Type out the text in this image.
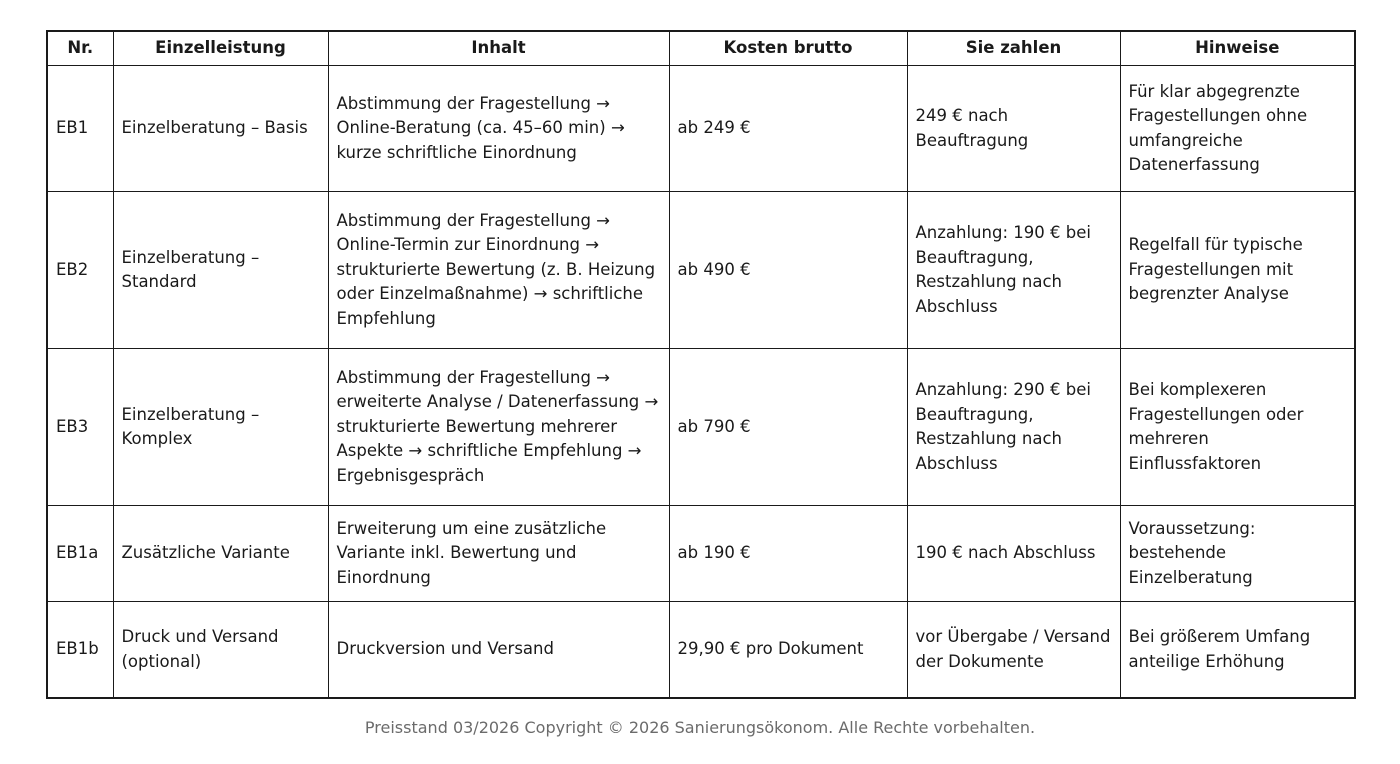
Nr.	Einzelleistung	Inhalt	Kosten brutto	Sie zahlen	Hinweise
EB1	Einzelberatung – Basis	Abstimmung der Fragestellung → Online-Beratung (ca. 45–60 min) → kurze schriftliche Einordnung	ab 249 €	249 € nach Beauftragung	Für klar abgegrenzte Fragestellungen ohne umfangreiche Datenerfassung
EB2	Einzelberatung – Standard	Abstimmung der Fragestellung → Online-Termin zur Einordnung → strukturierte Bewertung (z. B. Heizung oder Einzelmaßnahme) → schriftliche Empfehlung	ab 490 €	Anzahlung: 190 € bei Beauftragung, Restzahlung nach Abschluss	Regelfall für typische Fragestellungen mit begrenzter Analyse
EB3	Einzelberatung – Komplex	Abstimmung der Fragestellung → erweiterte Analyse / Datenerfassung → strukturierte Bewertung mehrerer Aspekte → schriftliche Empfehlung → Ergebnisgespräch	ab 790 €	Anzahlung: 290 € bei Beauftragung, Restzahlung nach Abschluss	Bei komplexeren Fragestellungen oder mehreren Einflussfaktoren
EB1a	Zusätzliche Variante	Erweiterung um eine zusätzliche Variante inkl. Bewertung und Einordnung	ab 190 €	190 € nach Abschluss	Voraussetzung: bestehende Einzelberatung
EB1b	Druck und Versand (optional)	Druckversion und Versand	29,90 € pro Dokument	vor Übergabe / Versand der Dokumente	Bei größerem Umfang anteilige Erhöhung
Preisstand 03/2026 Copyright © 2026 Sanierungsökonom. Alle Rechte vorbehalten.
